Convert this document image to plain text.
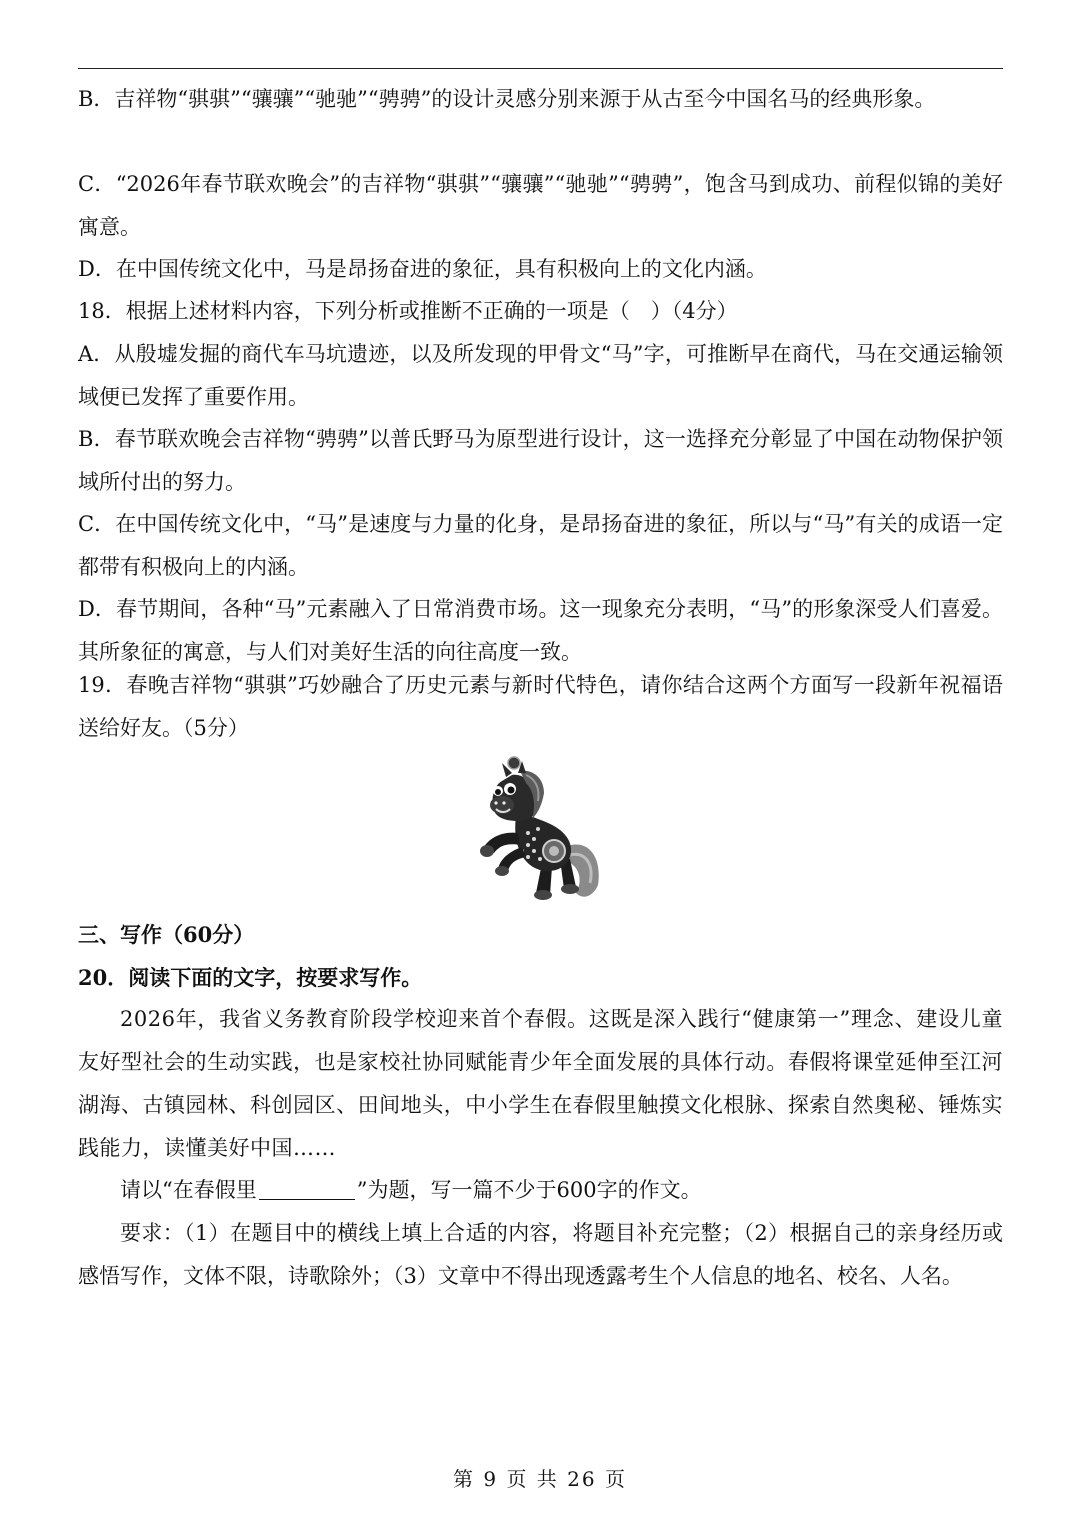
B．吉祥物“骐骐”“骧骧”“驰驰”“骋骋”的设计灵感分别来源于从古至今中国名马的经典形象。
C．“2026年春节联欢晚会”的吉祥物“骐骐”“骧骧”“驰驰”“骋骋”，饱含马到成功、前程似锦的美好寓意。
D．在中国传统文化中，马是昂扬奋进的象征，具有积极向上的文化内涵。
18．根据上述材料内容，下列分析或推断不正确的一项是（　）（4分）
A．从殷墟发掘的商代车马坑遗迹，以及所发现的甲骨文“马”字，可推断早在商代，马在交通运输领域便已发挥了重要作用。
B．春节联欢晚会吉祥物“骋骋”以普氏野马为原型进行设计，这一选择充分彰显了中国在动物保护领域所付出的努力。
C．在中国传统文化中，“马”是速度与力量的化身，是昂扬奋进的象征，所以与“马”有关的成语一定都带有积极向上的内涵。
D．春节期间，各种“马”元素融入了日常消费市场。这一现象充分表明，“马”的形象深受人们喜爱。其所象征的寓意，与人们对美好生活的向往高度一致。
19．春晚吉祥物“骐骐”巧妙融合了历史元素与新时代特色，请你结合这两个方面写一段新年祝福语送给好友。（5分）
三、写作（60分）
20．阅读下面的文字，按要求写作。
2026年，我省义务教育阶段学校迎来首个春假。这既是深入践行“健康第一”理念、建设儿童友好型社会的生动实践，也是家校社协同赋能青少年全面发展的具体行动。春假将课堂延伸至江河湖海、古镇园林、科创园区、田间地头，中小学生在春假里触摸文化根脉、探索自然奥秘、锤炼实践能力，读懂美好中国……
请以“在春假里	”为题，写一篇不少于600字的作文。
要求：（1）在题目中的横线上填上合适的内容，将题目补充完整；（2）根据自己的亲身经历或感悟写作，文体不限，诗歌除外；（3）文章中不得出现透露考生个人信息的地名、校名、人名。
第 9 页 共 26 页
